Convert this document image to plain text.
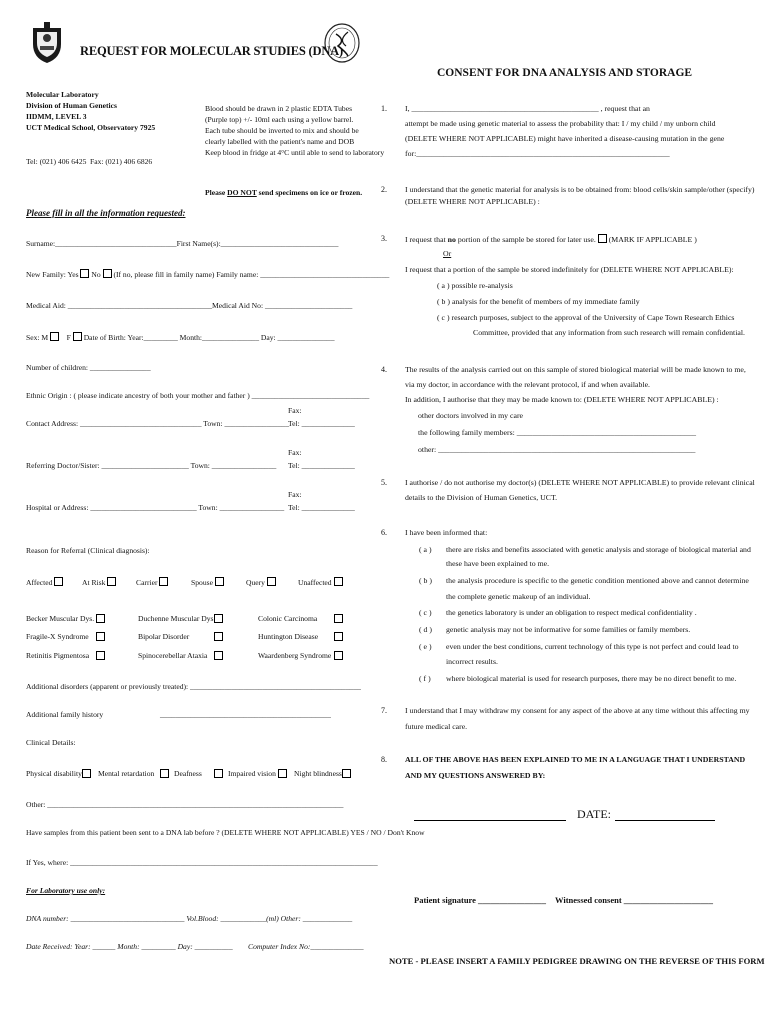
REQUEST FOR MOLECULAR STUDIES (DNA)
CONSENT FOR DNA ANALYSIS AND STORAGE
Molecular Laboratory
Division of Human Genetics
IIDMM, LEVEL 3
UCT Medical School, Observatory 7925
Tel: (021) 406 6425 Fax: (021) 406 6826
Blood should be drawn in 2 plastic EDTA Tubes
(Purple top) +/- 10ml each using a yellow barrel.
Each tube should be inverted to mix and should be
clearly labelled with the patient's name and DOB
Keep blood in fridge at 4°C until able to send to laboratory
Please DO NOT send specimens on ice or frozen.
Please fill in all the information requested:
Surname:________________________________First Name(s):_______________________________
New Family: Yes No (If no, please fill in family name) Family name: __________________________________
Medical Aid: ______________________________________Medical Aid No: _______________________
Sex: M F Date of Birth: Year:_________ Month:_______________ Day: _______________
Number of children: ________________
Ethnic Origin : ( please indicate ancestry of both your mother and father ) _______________________________
Fax:
Contact Address: ________________________________ Town: _________________ Tel: ______________
Fax:
Referring Doctor/Sister: _______________________ Town: _________________ Tel: ______________
Fax:
Hospital or Address: ____________________________ Town: _________________ Tel: ______________
Reason for Referral (Clinical diagnosis):
Affected	At Risk	Carrier	Spouse	Query	Unaffected
Becker Muscular Dys.	Duchenne Muscular Dys	Colonic Carcinoma
Fragile-X Syndrome	Bipolar Disorder	Huntington Disease
Retinitis Pigmentosa	Spinocerebellar Ataxia	Waardenberg Syndrome
Additional disorders (apparent or previously treated): _____________________________________________
Additional family history	_____________________________________________
Clinical Details:
Physical disability Mental retardation	Deafness	Impaired vision Night blindness
Other: ______________________________________________________________________________
Have samples from this patient been sent to a DNA lab before ? (DELETE WHERE NOT APPLICABLE) YES / NO / Don't Know
If Yes, where: _________________________________________________________________________________
For Laboratory use only:
DNA number: ______________________________ Vol.Blood: ____________(ml) Other: _____________
Date Received: Year: ______ Month: _________ Day: __________ Computer Index No:______________
1. I, ________________________________________________ , request that an
attempt be made using genetic material to assess the probability that: I / my child / my unborn child
(DELETE WHERE NOT APPLICABLE) might have inherited a disease-causing mutation in the gene
for:_________________________________________________________________
2. I understand that the genetic material for analysis is to be obtained from: blood cells/skin sample/other (specify)
(DELETE WHERE NOT APPLICABLE) :
3. I request that no portion of the sample be stored for later use. (MARK IF APPLICABLE )
Or
I request that a portion of the sample be stored indefinitely for (DELETE WHERE NOT APPLICABLE):
( a ) possible re-analysis
( b ) analysis for the benefit of members of my immediate family
( c ) research purposes, subject to the approval of the University of Cape Town Research Ethics
Committee, provided that any information from such research will remain confidential.
4. The results of the analysis carried out on this sample of stored biological material will be made known to me,
via my doctor, in accordance with the relevant protocol, if and when available.
In addition, I authorise that they may be made known to: (DELETE WHERE NOT APPLICABLE) :
other doctors involved in my care
the following family members: ______________________________________________
other: __________________________________________________________________
5. I authorise / do not authorise my doctor(s) (DELETE WHERE NOT APPLICABLE) to provide relevant clinical
details to the Division of Human Genetics, UCT.
6. I have been informed that:
( a ) there are risks and benefits associated with genetic analysis and storage of biological material and
these have been explained to me.
( b ) the analysis procedure is specific to the genetic condition mentioned above and cannot determine
the complete genetic makeup of an individual.
( c ) the genetics laboratory is under an obligation to respect medical confidentiality .
( d ) genetic analysis may not be informative for some families or family members.
( e ) even under the best conditions, current technology of this type is not perfect and could lead to
incorrect results.
( f ) where biological material is used for research purposes, there may be no direct benefit to me.
7. I understand that I may withdraw my consent for any aspect of the above at any time without this affecting my
future medical care.
8. ALL OF THE ABOVE HAS BEEN EXPLAINED TO ME IN A LANGUAGE THAT I UNDERSTAND
AND MY QUESTIONS ANSWERED BY:
DATE:
Patient signature ________________ Witnessed consent _____________________
NOTE - PLEASE INSERT A FAMILY PEDIGREE DRAWING ON THE REVERSE OF THIS FORM
